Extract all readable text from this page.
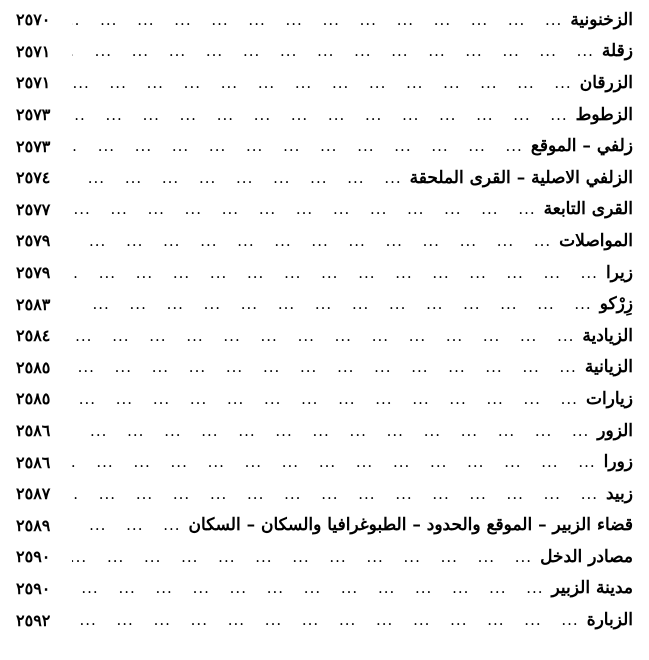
الزخنونية
... .
٢٥٧٠
زقلة
... .
٢٥٧١
الزرقان
... .
٢٥٧١
الزطوط
... .
٢٥٧٣
زلفي – الموقع
... .
٢٥٧٣
الزلفي الاصلية – القرى الملحقة
... .
٢٥٧٤
القرى التابعة
... .
٢٥٧٧
المواصلات
... .
٢٥٧٩
زيرا
... .
٢٥٧٩
زِرْكو
... .
٢٥٨٣
الزيادية
... .
٢٥٨٤
الزيانية
... .
٢٥٨٥
زيارات
... .
٢٥٨٥
الزور
... .
٢٥٨٦
زورا
... .
٢٥٨٦
زبيد
... .
٢٥٨٧
قضاء الزبير – الموقع والحدود – الطبوغرافيا والسكان – السكان
... .
٢٥٨٩
مصادر الدخل
... .
٢٥٩٠
مدينة الزبير
... .
٢٥٩٠
الزبارة
... .
٢٥٩٢
